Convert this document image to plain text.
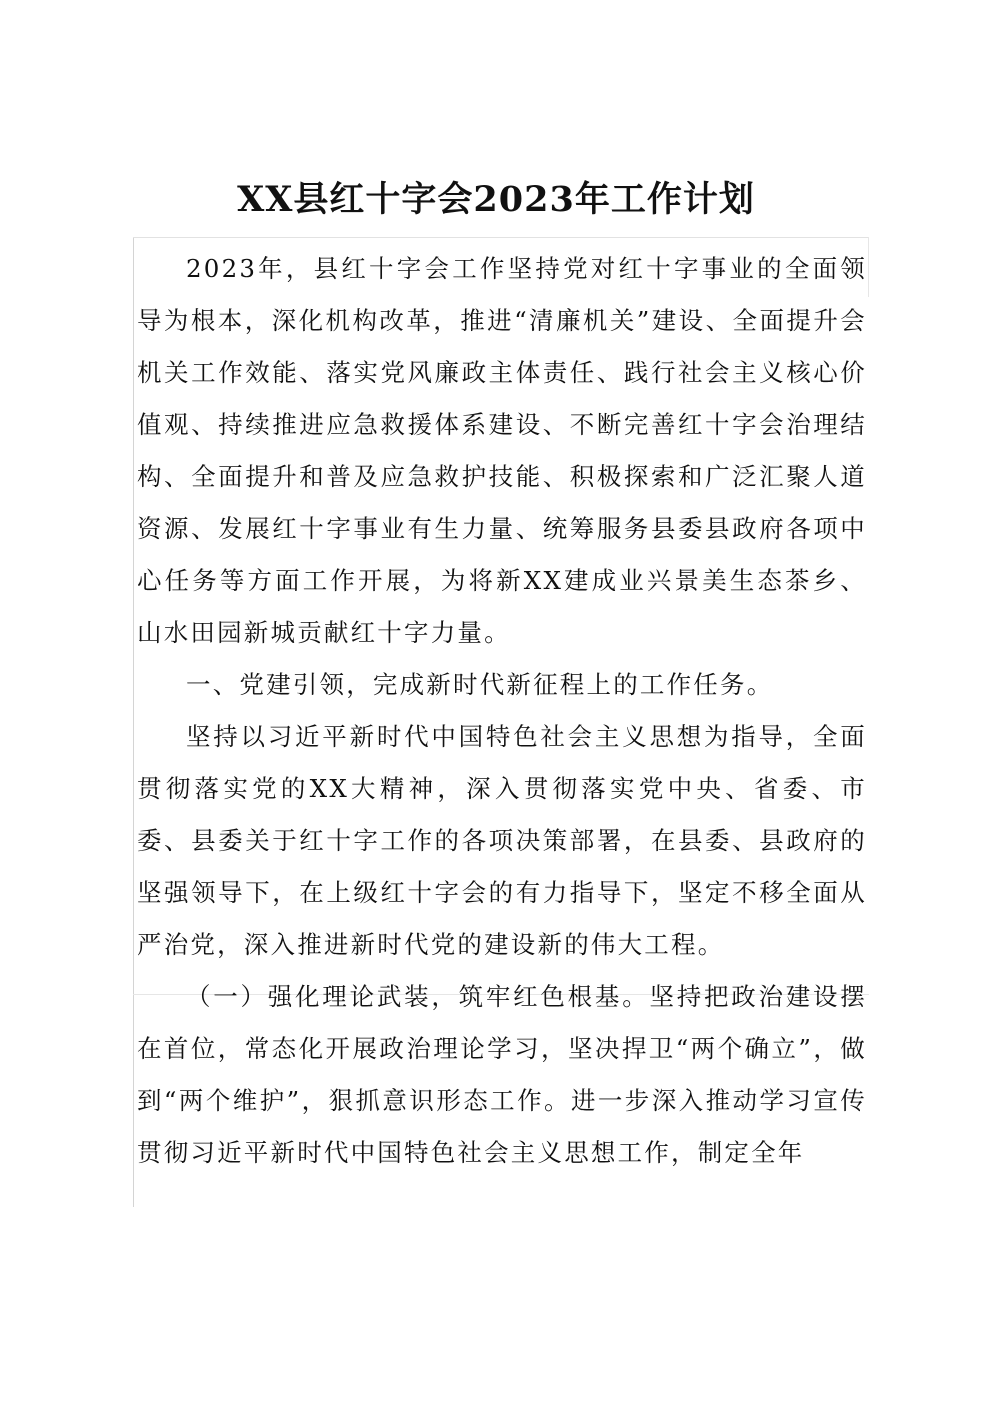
XX县红十字会2023年工作计划

2023年，县红十字会工作坚持党对红十字事业的全面领导为根本，深化机构改革，推进“清廉机关”建设、全面提升会机关工作效能、落实党风廉政主体责任、践行社会主义核心价值观、持续推进应急救援体系建设、不断完善红十字会治理结构、全面提升和普及应急救护技能、积极探索和广泛汇聚人道资源、发展红十字事业有生力量、统筹服务县委县政府各项中心任务等方面工作开展，为将新XX建成业兴景美生态茶乡、山水田园新城贡献红十字力量。

一、党建引领，完成新时代新征程上的工作任务。

坚持以习近平新时代中国特色社会主义思想为指导，全面贯彻落实党的XX大精神，深入贯彻落实党中央、省委、市委、县委关于红十字工作的各项决策部署，在县委、县政府的坚强领导下，在上级红十字会的有力指导下，坚定不移全面从严治党，深入推进新时代党的建设新的伟大工程。

（一）强化理论武装，筑牢红色根基。坚持把政治建设摆在首位，常态化开展政治理论学习，坚决捍卫“两个确立”，做到“两个维护”，狠抓意识形态工作。进一步深入推动学习宣传贯彻习近平新时代中国特色社会主义思想工作，制定全年
